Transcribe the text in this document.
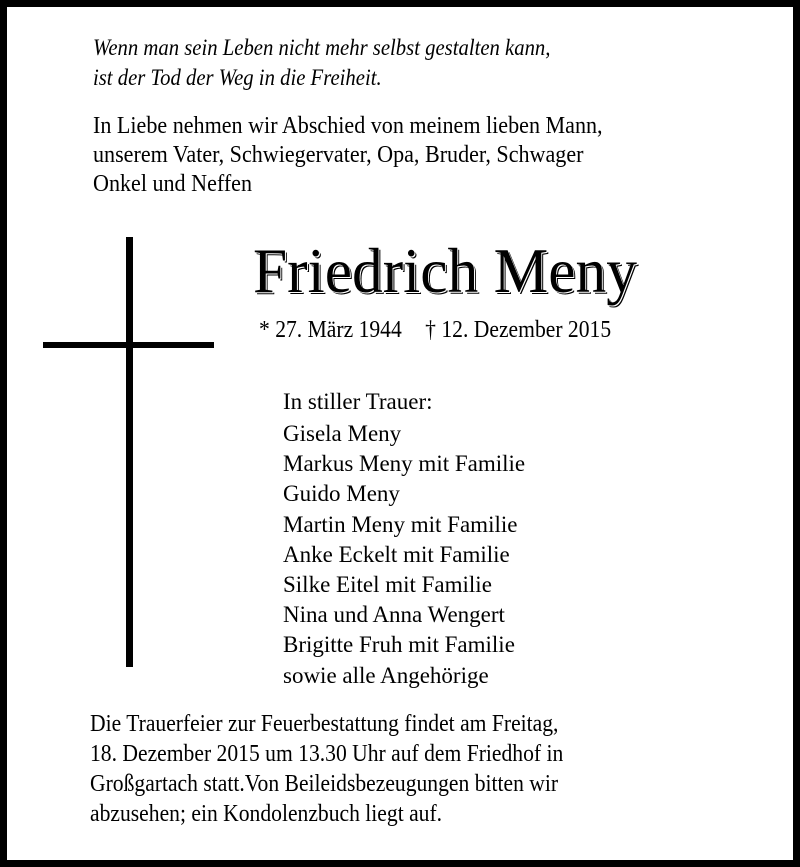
Wenn man sein Leben nicht mehr selbst gestalten kann,
ist der Tod der Weg in die Freiheit.
In Liebe nehmen wir Abschied von meinem lieben Mann,
unserem Vater, Schwiegervater, Opa, Bruder, Schwager
Onkel und Neffen
Friedrich Meny
* 27. März 1944 † 12. Dezember 2015
In stiller Trauer:
Gisela Meny
Markus Meny mit Familie
Guido Meny
Martin Meny mit Familie
Anke Eckelt mit Familie
Silke Eitel mit Familie
Nina und Anna Wengert
Brigitte Fruh mit Familie
sowie alle Angehörige
Die Trauerfeier zur Feuerbestattung findet am Freitag,
18. Dezember 2015 um 13.30 Uhr auf dem Friedhof in
Großgartach statt.Von Beileidsbezeugungen bitten wir
abzusehen; ein Kondolenzbuch liegt auf.
